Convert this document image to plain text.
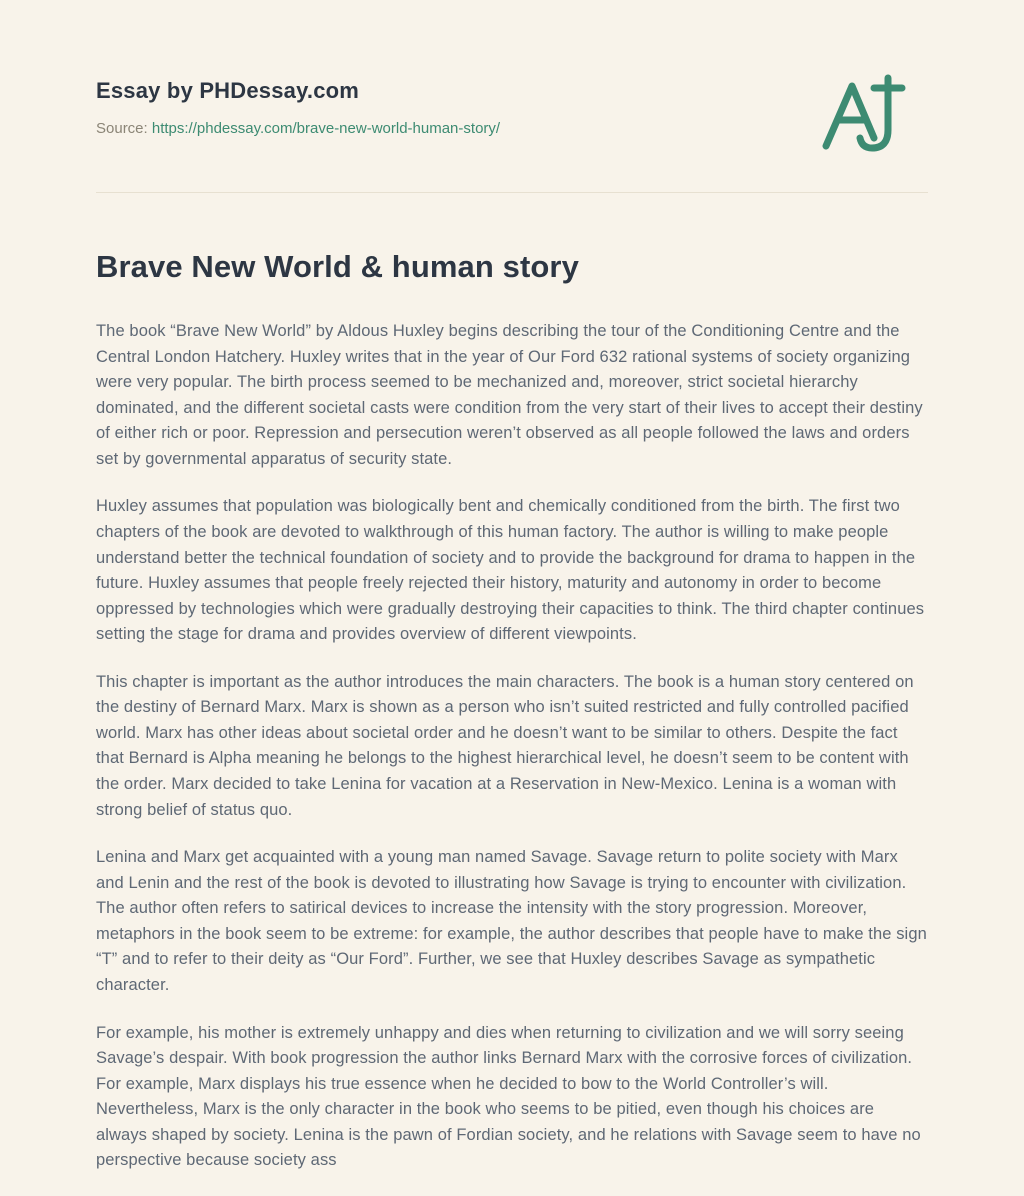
Essay by PHDessay.com
Source: https://phdessay.com/brave-new-world-human-story/
Brave New World & human story

The book “Brave New World” by Aldous Huxley begins describing the tour of the Conditioning Centre and the Central London Hatchery. Huxley writes that in the year of Our Ford 632 rational systems of society organizing were very popular. The birth process seemed to be mechanized and, moreover, strict societal hierarchy dominated, and the different societal casts were condition from the very start of their lives to accept their destiny of either rich or poor. Repression and persecution weren’t observed as all people followed the laws and orders set by governmental apparatus of security state.

Huxley assumes that population was biologically bent and chemically conditioned from the birth. The first two chapters of the book are devoted to walkthrough of this human factory. The author is willing to make people understand better the technical foundation of society and to provide the background for drama to happen in the future. Huxley assumes that people freely rejected their history, maturity and autonomy in order to become oppressed by technologies which were gradually destroying their capacities to think. The third chapter continues setting the stage for drama and provides overview of different viewpoints.

This chapter is important as the author introduces the main characters. The book is a human story centered on the destiny of Bernard Marx. Marx is shown as a person who isn’t suited restricted and fully controlled pacified world. Marx has other ideas about societal order and he doesn’t want to be similar to others. Despite the fact that Bernard is Alpha meaning he belongs to the highest hierarchical level, he doesn’t seem to be content with the order. Marx decided to take Lenina for vacation at a Reservation in New-Mexico. Lenina is a woman with strong belief of status quo.

Lenina and Marx get acquainted with a young man named Savage. Savage return to polite society with Marx and Lenin and the rest of the book is devoted to illustrating how Savage is trying to encounter with civilization. The author often refers to satirical devices to increase the intensity with the story progression. Moreover, metaphors in the book seem to be extreme: for example, the author describes that people have to make the sign “T” and to refer to their deity as “Our Ford”. Further, we see that Huxley describes Savage as sympathetic character.

For example, his mother is extremely unhappy and dies when returning to civilization and we will sorry seeing Savage’s despair. With book progression the author links Bernard Marx with the corrosive forces of civilization. For example, Marx displays his true essence when he decided to bow to the World Controller’s will. Nevertheless, Marx is the only character in the book who seems to be pitied, even though his choices are always shaped by society. Lenina is the pawn of Fordian society, and he relations with Savage seem to have no perspective because society ass
